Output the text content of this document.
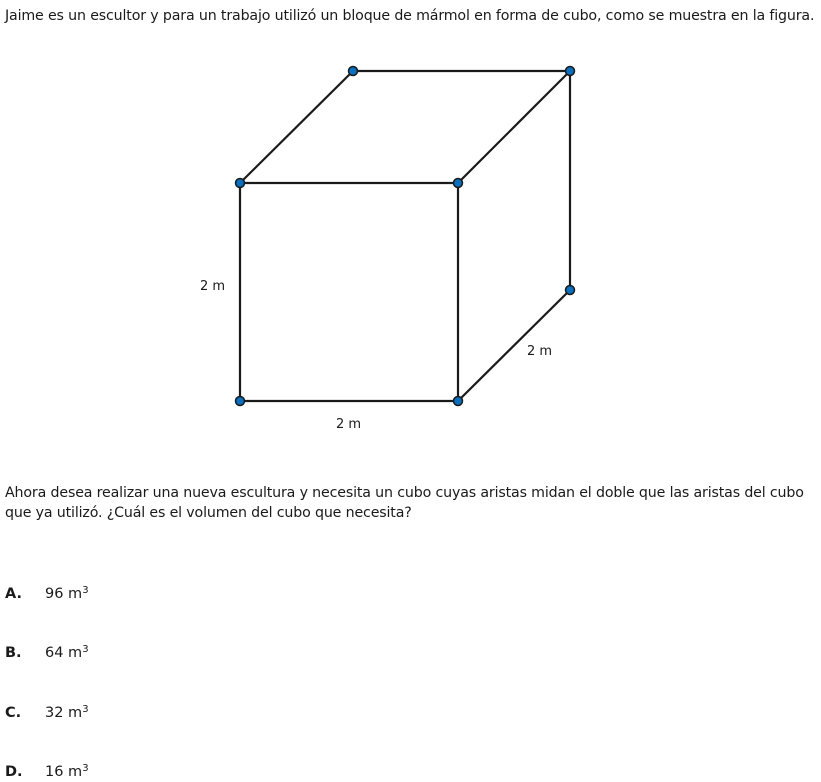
Jaime es un escultor y para un trabajo utilizó un bloque de mármol en forma de cubo, como se muestra en la figura.
2 m
2 m
2 m
Ahora desea realizar una nueva escultura y necesita un cubo cuyas aristas midan el doble que las aristas del cubo que ya utilizó. ¿Cuál es el volumen del cubo que necesita?
A.	96 $m^3$
B.	64 $m^3$
C.	32 $m^3$
D.	16 $m^3$
